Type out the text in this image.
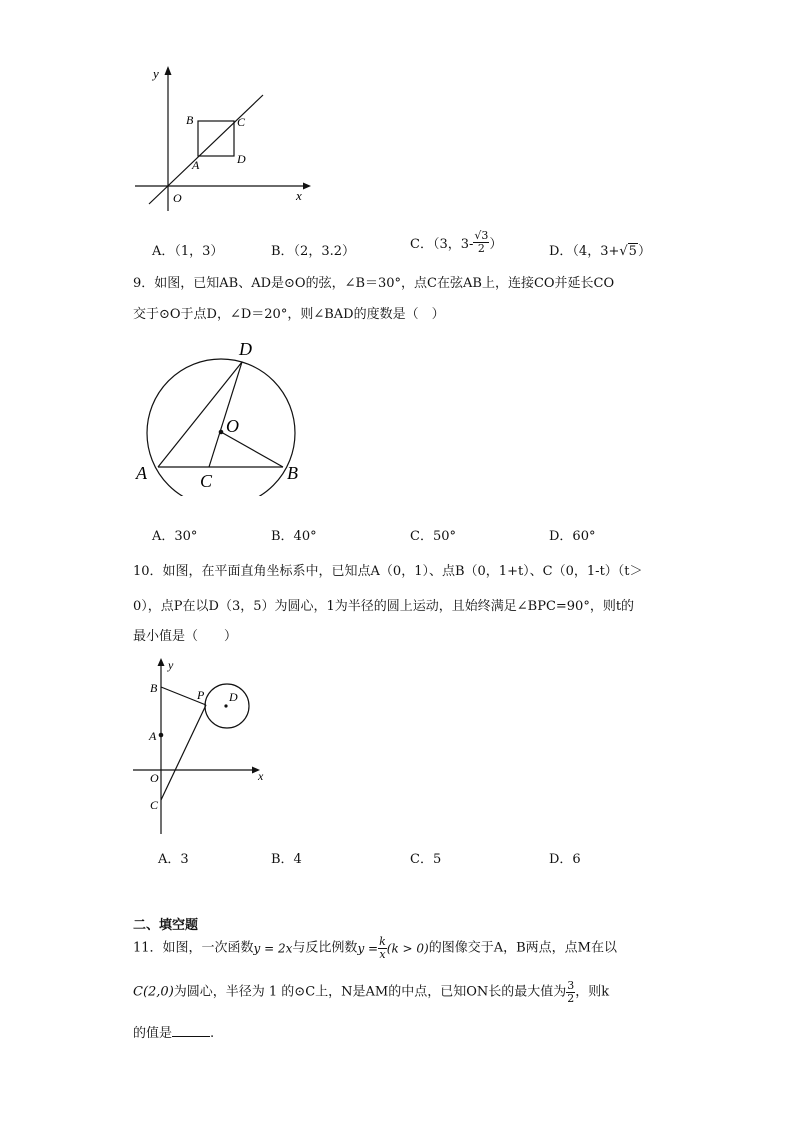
y
x
O
B	C
A	D
A．（1，3）	B．（2，3.2）	C．（3，$3- \frac{√3}{2}$ ）	D．（4，3+√5）
9．如图，已知AB、AD是⊙O的弦，∠B＝30°，点C在弦AB上，连接CO并延长CO
交于⊙O于点D，∠D＝20°，则∠BAD的度数是（　）
D
O
A	B
C
A．30°	B．40°	C．50°	D．60°
10．如图，在平面直角坐标系中，已知点A（0，1）、点B（0，1+t）、C（0，1-t）（t＞
0），点P在以D（3，5）为圆心，1为半径的圆上运动，且始终满足∠BPC=90°，则t的
最小值是（　　）
y
x
B	P D
A
O
C
A．3	B．4	C．5	D．6
二、填空题
11．如图，一次函数y = 2x与反比例数$y = \frac{k}{x} (k > 0)$的图像交于A，B两点，点M在以
C(2,0)为圆心，半径为 1 的⊙C上，N是AM的中点，已知ON长的最大值为 $\frac{3}{2}$ ，则k
的值是	.
